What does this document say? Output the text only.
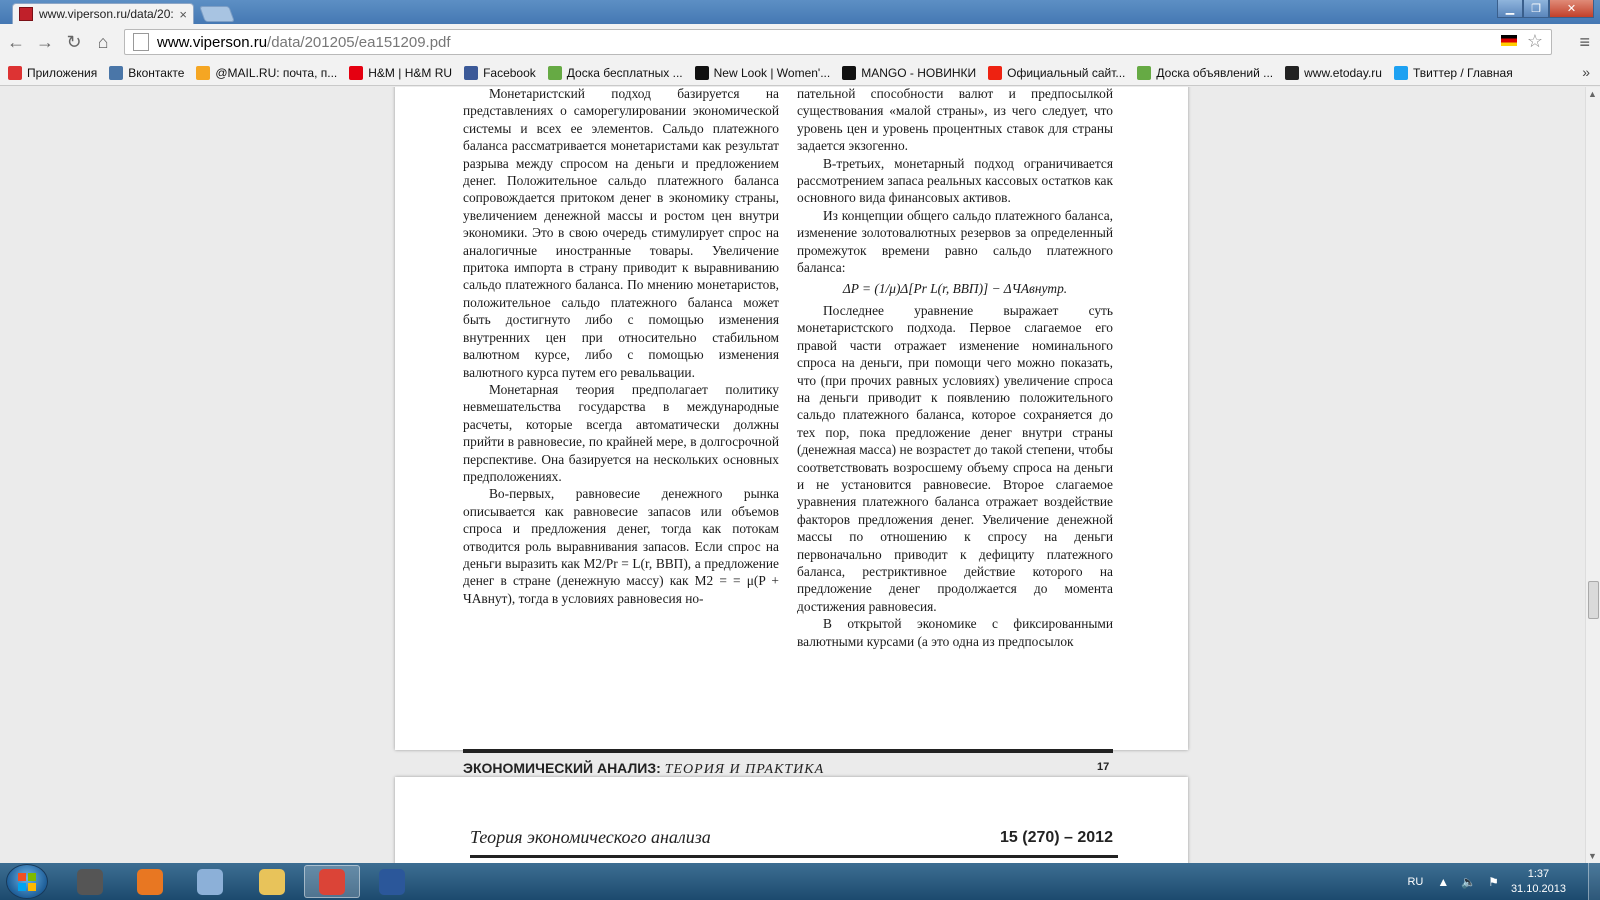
www.viperson.ru/data/20: ×	▁	❐	✕
← → ↻ ⌂	www.viperson.ru /data/201205/ea151209.pdf	☆ ≡
Приложения	Вконтакте	@MAIL.RU: почта, п...	H&M | H&M RU	Facebook	Доска бесплатных ...	New Look | Women'...	MANGO - НОВИНКИ	Официальный сайт...	Доска объявлений ...	www.etoday.ru	Твиттер / Главная	»

Монетаристский подход базируется на представлениях о саморегулировании экономической системы и всех ее элементов. Сальдо платежного баланса рассматривается монетаристами как результат разрыва между спросом на деньги и предложением денег. Положительное сальдо платежного баланса сопровождается притоком денег в экономику страны, увеличением денежной массы и ростом цен внутри экономики. Это в свою очередь стимулирует спрос на аналогичные иностранные товары. Увеличение притока импорта в страну приводит к выравниванию сальдо платежного баланса. По мнению монетаристов, положительное сальдо платежного баланса может быть достигнуто либо с помощью изменения внутренних цен при относительно стабильном валютном курсе, либо с помощью изменения валютного курса путем его ревальвации.

Монетарная теория предполагает политику невмешательства государства в международные расчеты, которые всегда автоматически должны прийти в равновесие, по крайней мере, в долгосрочной перспективе. Она базируется на нескольких основных предположениях.

Во-первых, равновесие денежного рынка описывается как равновесие запасов или объемов спроса и предложения денег, тогда как потокам отводится роль выравнивания запасов. Если спрос на деньги выразить как M2/Pr = L(r, ВВП), а предложение денег в стране (денежную массу) как M2 = = μ(P + ЧАвнут), тогда в условиях равновесия но-

пательной способности валют и предпосылкой существования «малой страны», из чего следует, что уровень цен и уровень процентных ставок для страны задается экзогенно.

В-третьих, монетарный подход ограничивается рассмотрением запаса реальных кассовых остатков как основного вида финансовых активов.

Из концепции общего сальдо платежного баланса, изменение золотовалютных резервов за определенный промежуток времени равно сальдо платежного баланса:

ΔP = (1/μ)Δ[Pr L(r, ВВП)] − ΔЧАвнутр.

Последнее уравнение выражает суть монетаристского подхода. Первое слагаемое его правой части отражает изменение номинального спроса на деньги, при помощи чего можно показать, что (при прочих равных условиях) увеличение спроса на деньги приводит к появлению положительного сальдо платежного баланса, которое сохраняется до тех пор, пока предложение денег внутри страны (денежная масса) не возрастет до такой степени, чтобы соответствовать возросшему объему спроса на деньги и не установится равновесие. Второе слагаемое уравнения платежного баланса отражает воздействие факторов предложения денег. Увеличение денежной массы по отношению к спросу на деньги первоначально приводит к дефициту платежного баланса, рестриктивное действие которого на предложение денег продолжается до момента достижения равновесия.

В открытой экономике с фиксированными валютными курсами (а это одна из предпосылок

ЭКОНОМИЧЕСКИЙ АНАЛИЗ: ТЕОРИЯ И ПРАКТИКА	17
Теория экономического анализа	15 (270) – 2012
▲
▼
RU ▲ 🔈 ⚑
1:37
31.10.2013
